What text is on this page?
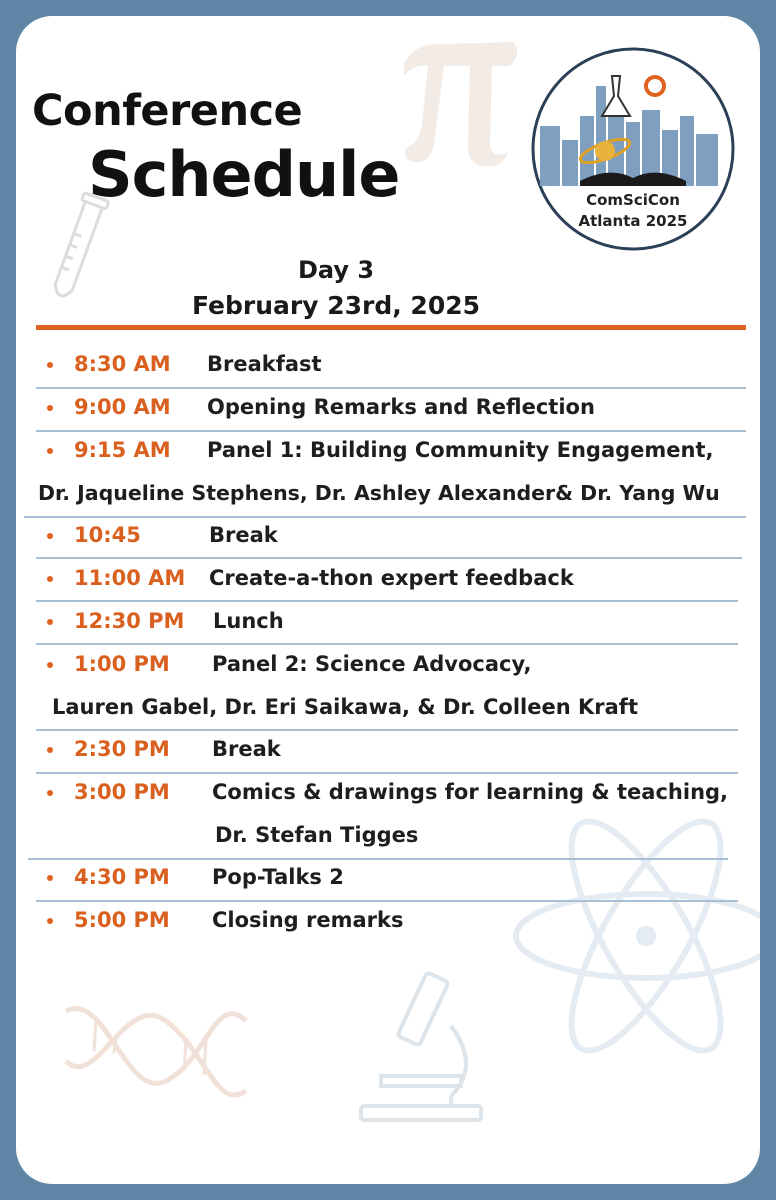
Conference
Schedule	ComSciCon
Atlanta 2025
Day 3
February 23rd, 2025
8:30 AM Breakfast
9:00 AM Opening Remarks and Reflection
9:15 AM Panel 1: Building Community Engagement,
Dr. Jaqueline Stephens, Dr. Ashley Alexander& Dr. Yang Wu
10:45	Break
11:00 AM Create-a-thon expert feedback
12:30 PM Lunch
1:00 PM Panel 2: Science Advocacy,
Lauren Gabel, Dr. Eri Saikawa, & Dr. Colleen Kraft
2:30 PM Break
3:00 PM Comics & drawings for learning & teaching,
Dr. Stefan Tigges
4:30 PM Pop-Talks 2
5:00 PM Closing remarks
